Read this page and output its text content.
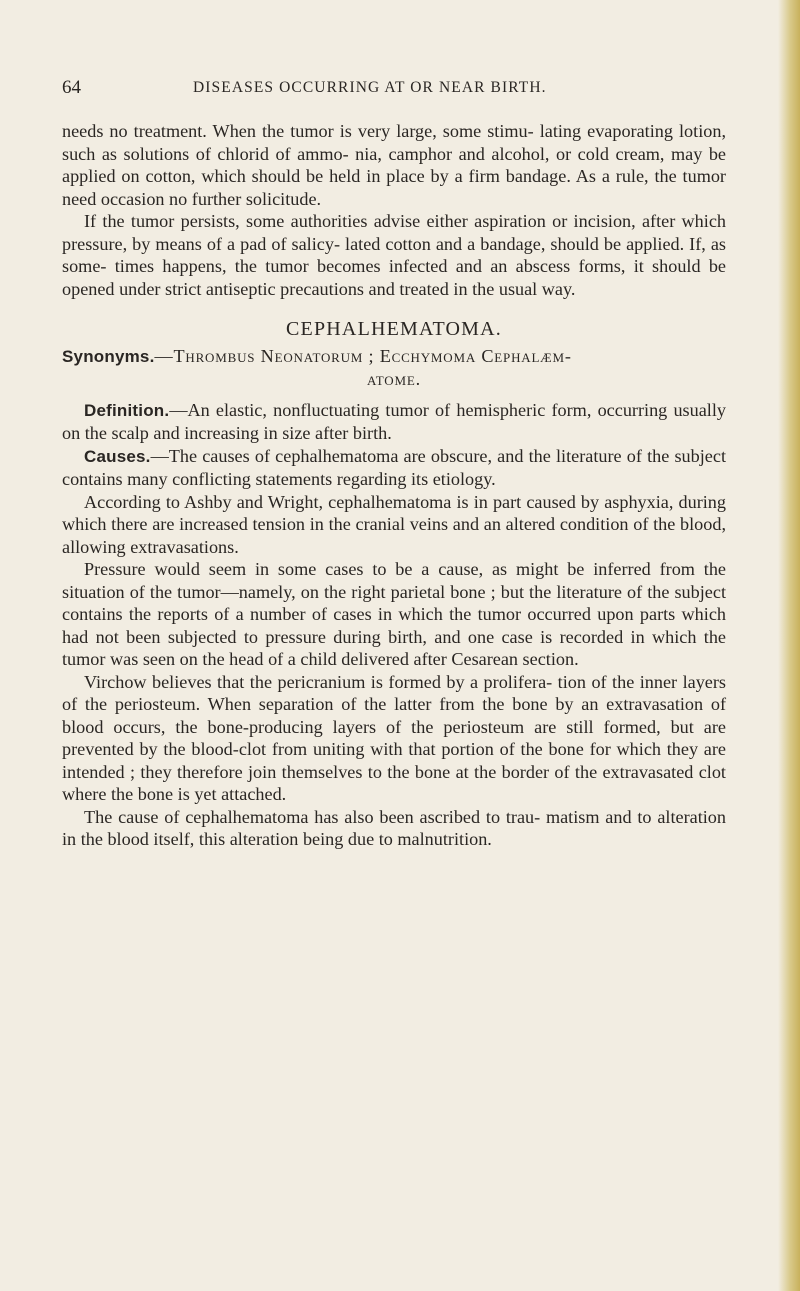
64	DISEASES OCCURRING AT OR NEAR BIRTH.

needs no treatment. When the tumor is very large, some stimu- lating evaporating lotion, such as solutions of chlorid of ammo- nia, camphor and alcohol, or cold cream, may be applied on cotton, which should be held in place by a firm bandage. As a rule, the tumor need occasion no further solicitude.

If the tumor persists, some authorities advise either aspiration or incision, after which pressure, by means of a pad of salicy- lated cotton and a bandage, should be applied. If, as some- times happens, the tumor becomes infected and an abscess forms, it should be opened under strict antiseptic precautions and treated in the usual way.

CEPHALHEMATOMA.

Synonyms.—Thrombus Neonatorum ; Ecchymoma Cephalæm-

atome.

Definition.—An elastic, nonfluctuating tumor of hemispheric form, occurring usually on the scalp and increasing in size after birth.

Causes.—The causes of cephalhematoma are obscure, and the literature of the subject contains many conflicting statements regarding its etiology.

According to Ashby and Wright, cephalhematoma is in part caused by asphyxia, during which there are increased tension in the cranial veins and an altered condition of the blood, allowing extravasations.

Pressure would seem in some cases to be a cause, as might be inferred from the situation of the tumor—namely, on the right parietal bone ; but the literature of the subject contains the reports of a number of cases in which the tumor occurred upon parts which had not been subjected to pressure during birth, and one case is recorded in which the tumor was seen on the head of a child delivered after Cesarean section.

Virchow believes that the pericranium is formed by a prolifera- tion of the inner layers of the periosteum. When separation of the latter from the bone by an extravasation of blood occurs, the bone-producing layers of the periosteum are still formed, but are prevented by the blood-clot from uniting with that portion of the bone for which they are intended ; they therefore join themselves to the bone at the border of the extravasated clot where the bone is yet attached.

The cause of cephalhematoma has also been ascribed to trau- matism and to alteration in the blood itself, this alteration being due to malnutrition.
